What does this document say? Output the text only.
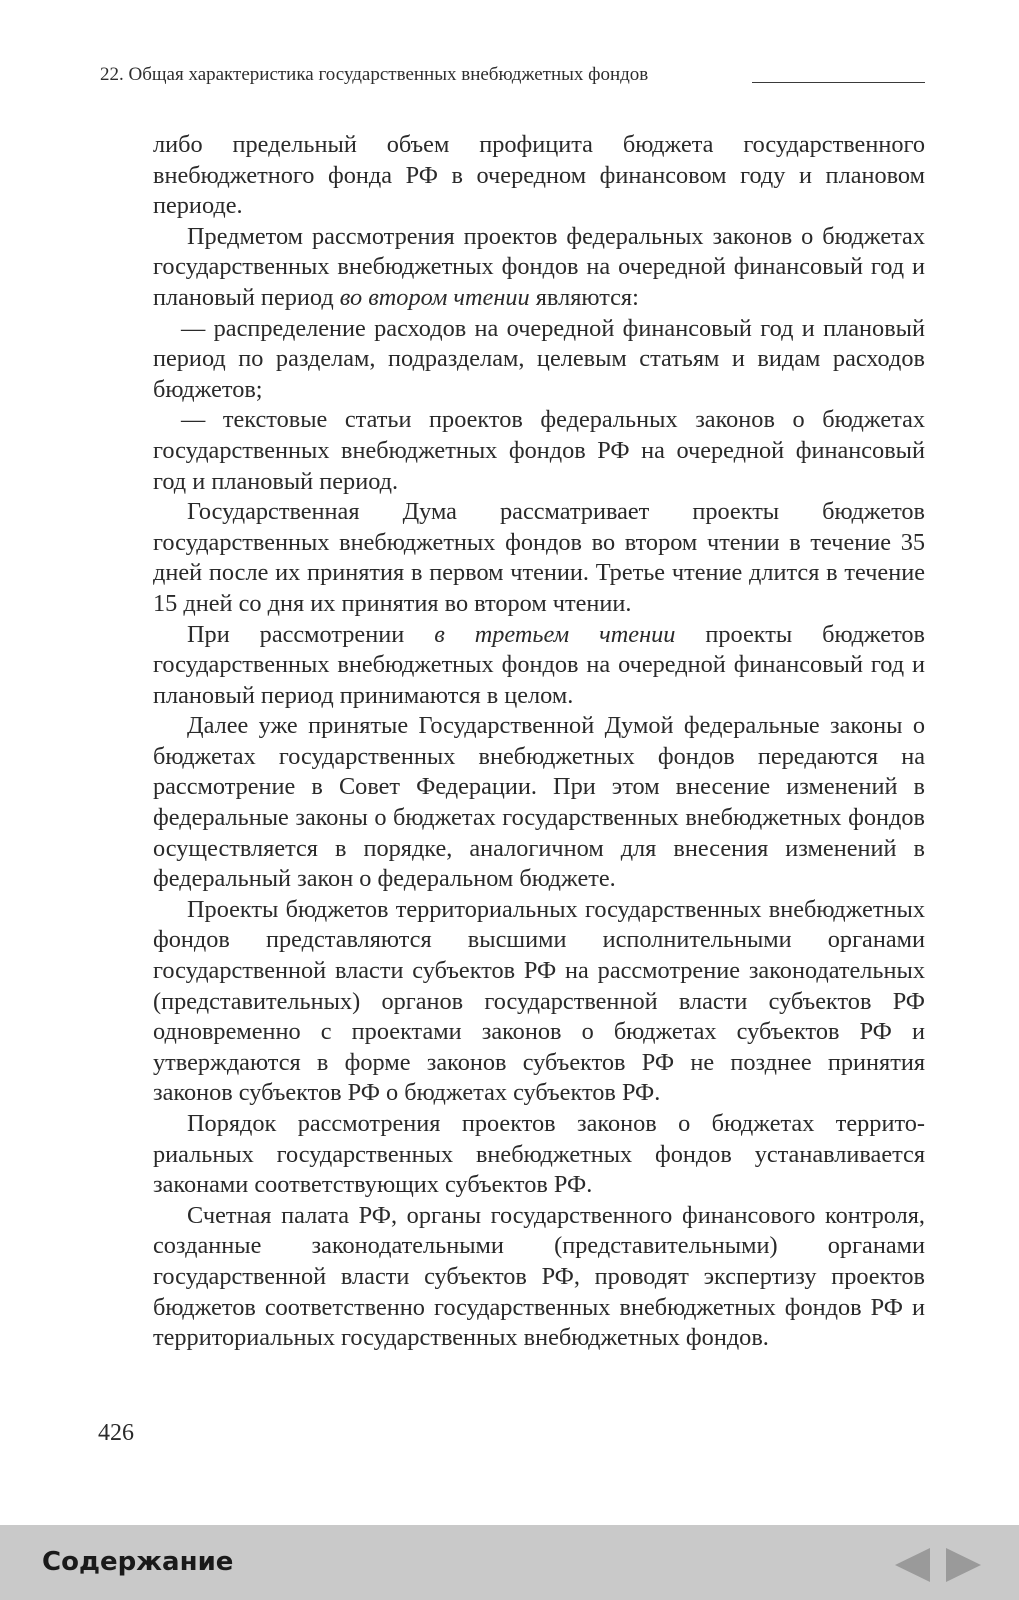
22. Общая характеристика государственных внебюджетных фондов

либо предельный объем профицита бюджета государственного внебюджетного фонда РФ в очередном финансовом году и плановом периоде.

Предметом рассмотрения проектов федеральных законов о бюджетах государственных внебюджетных фондов на очередной финансовый год и плановый период во втором чтении являются:

— распределение расходов на очередной финансовый год и плановый период по разделам, подразделам, целевым статьям и видам расходов бюджетов;

— текстовые статьи проектов федеральных законов о бюджетах государственных внебюджетных фондов РФ на очередной финансовый год и плановый период.

Государственная Дума рассматривает проекты бюджетов государственных внебюджетных фондов во втором чтении в течение 35 дней после их принятия в первом чтении. Третье чтение длится в течение 15 дней со дня их принятия во втором чтении.

При рассмотрении в третьем чтении проекты бюджетов государственных внебюджетных фондов на очередной финансовый год и плановый период принимаются в целом.

Далее уже принятые Государственной Думой федеральные законы о бюджетах государственных внебюджетных фондов передаются на рассмотрение в Совет Федерации. При этом внесение изменений в федеральные законы о бюджетах государственных внебюджетных фондов осуществляется в порядке, аналогичном для внесения изменений в федеральный закон о федеральном бюджете.

Проекты бюджетов территориальных государственных внебюджетных фондов представляются высшими исполнительными органами государственной власти субъектов РФ на рассмотрение законодательных (представительных) органов государственной власти субъектов РФ одновременно с проектами законов о бюджетах субъектов РФ и утверждаются в форме законов субъектов РФ не позднее принятия законов субъектов РФ о бюджетах субъектов РФ.

Порядок рассмотрения проектов законов о бюджетах территориальных государственных внебюджетных фондов устанавливается законами соответствующих субъектов РФ.

Счетная палата РФ, органы государственного финансового контроля, созданные законодательными (представительными) органами государственной власти субъектов РФ, проводят экспертизу проектов бюджетов соответственно государственных внебюджетных фондов РФ и территориальных государственных внебюджетных фондов.

426
Содержание
